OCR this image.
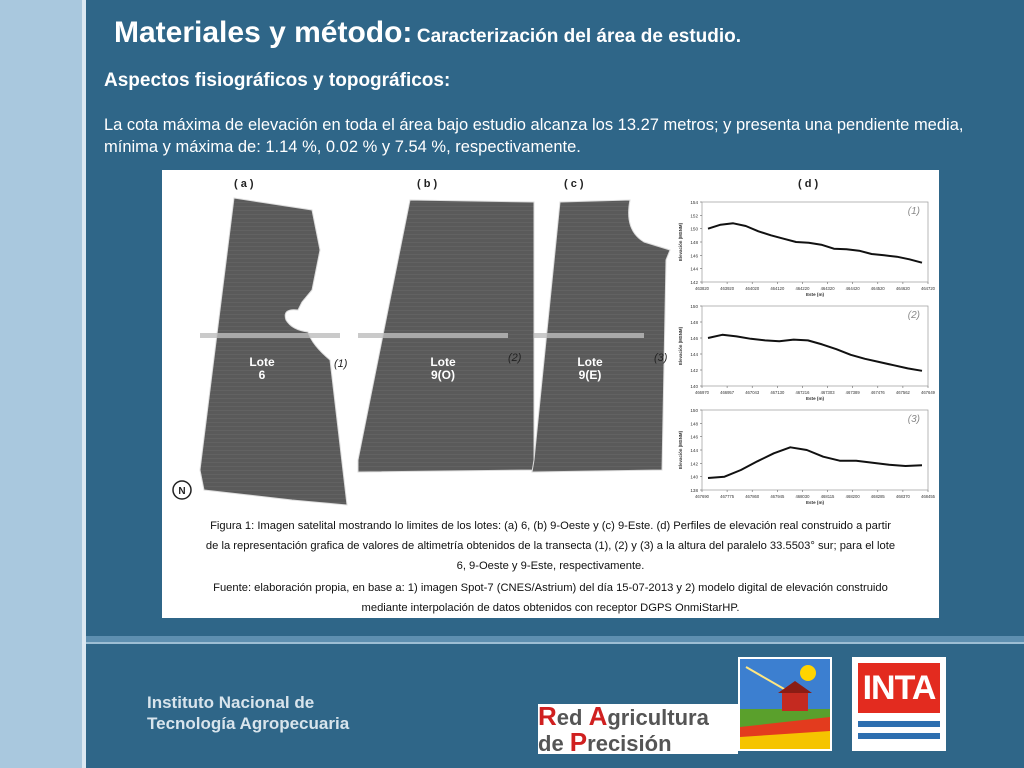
Materiales y método: Caracterización del área de estudio.
Aspectos fisiográficos y topográficos:
La cota máxima de elevación en toda el área bajo estudio alcanza los 13.27 metros; y presenta una pendiente media, mínima y máxima de: 1.14 %, 0.02 % y 7.54 %, respectivamente.
( a )	( b )	( c )	( d )
N
Lote
6
Lote
9(O)
Lote
9(E)
(1)	(2)	(3)
142
144
146
148
150
152
154
463820	463920	464020	464120	464220	464320	464420	464520	464620	464720
Este (m)
Elevación (MSNM)
(1)
140
142
144
146
148
150
466970	466957	467043	467130	467216	467303	467389	467476	467562	467649
Este (m)
Elevación (MSNM)
(2)
138
140
142
144
146
148
150
467690	467775	467860	467945	468030	468115	468200	468285	468370	468455
Este (m)
Elevación (MSNM)
(3)
Figura 1: Imagen satelital mostrando lo limites de los lotes: (a) 6, (b) 9-Oeste y (c) 9-Este. (d) Perfiles de elevación real construido a partir
de la representación grafica de valores de altimetría obtenidos de la transecta (1), (2) y (3) a la altura del paralelo 33.5503° sur; para el lote
6, 9-Oeste y 9-Este, respectivamente.
Fuente: elaboración propia, en base a: 1) imagen Spot-7 (CNES/Astrium) del día 15-07-2013 y 2) modelo digital de elevación construido
mediante interpolación de datos obtenidos con receptor DGPS OnmiStarHP.
Instituto Nacional de
Tecnología Agropecuaria	Red Agricultura
de Precisión
INTA
